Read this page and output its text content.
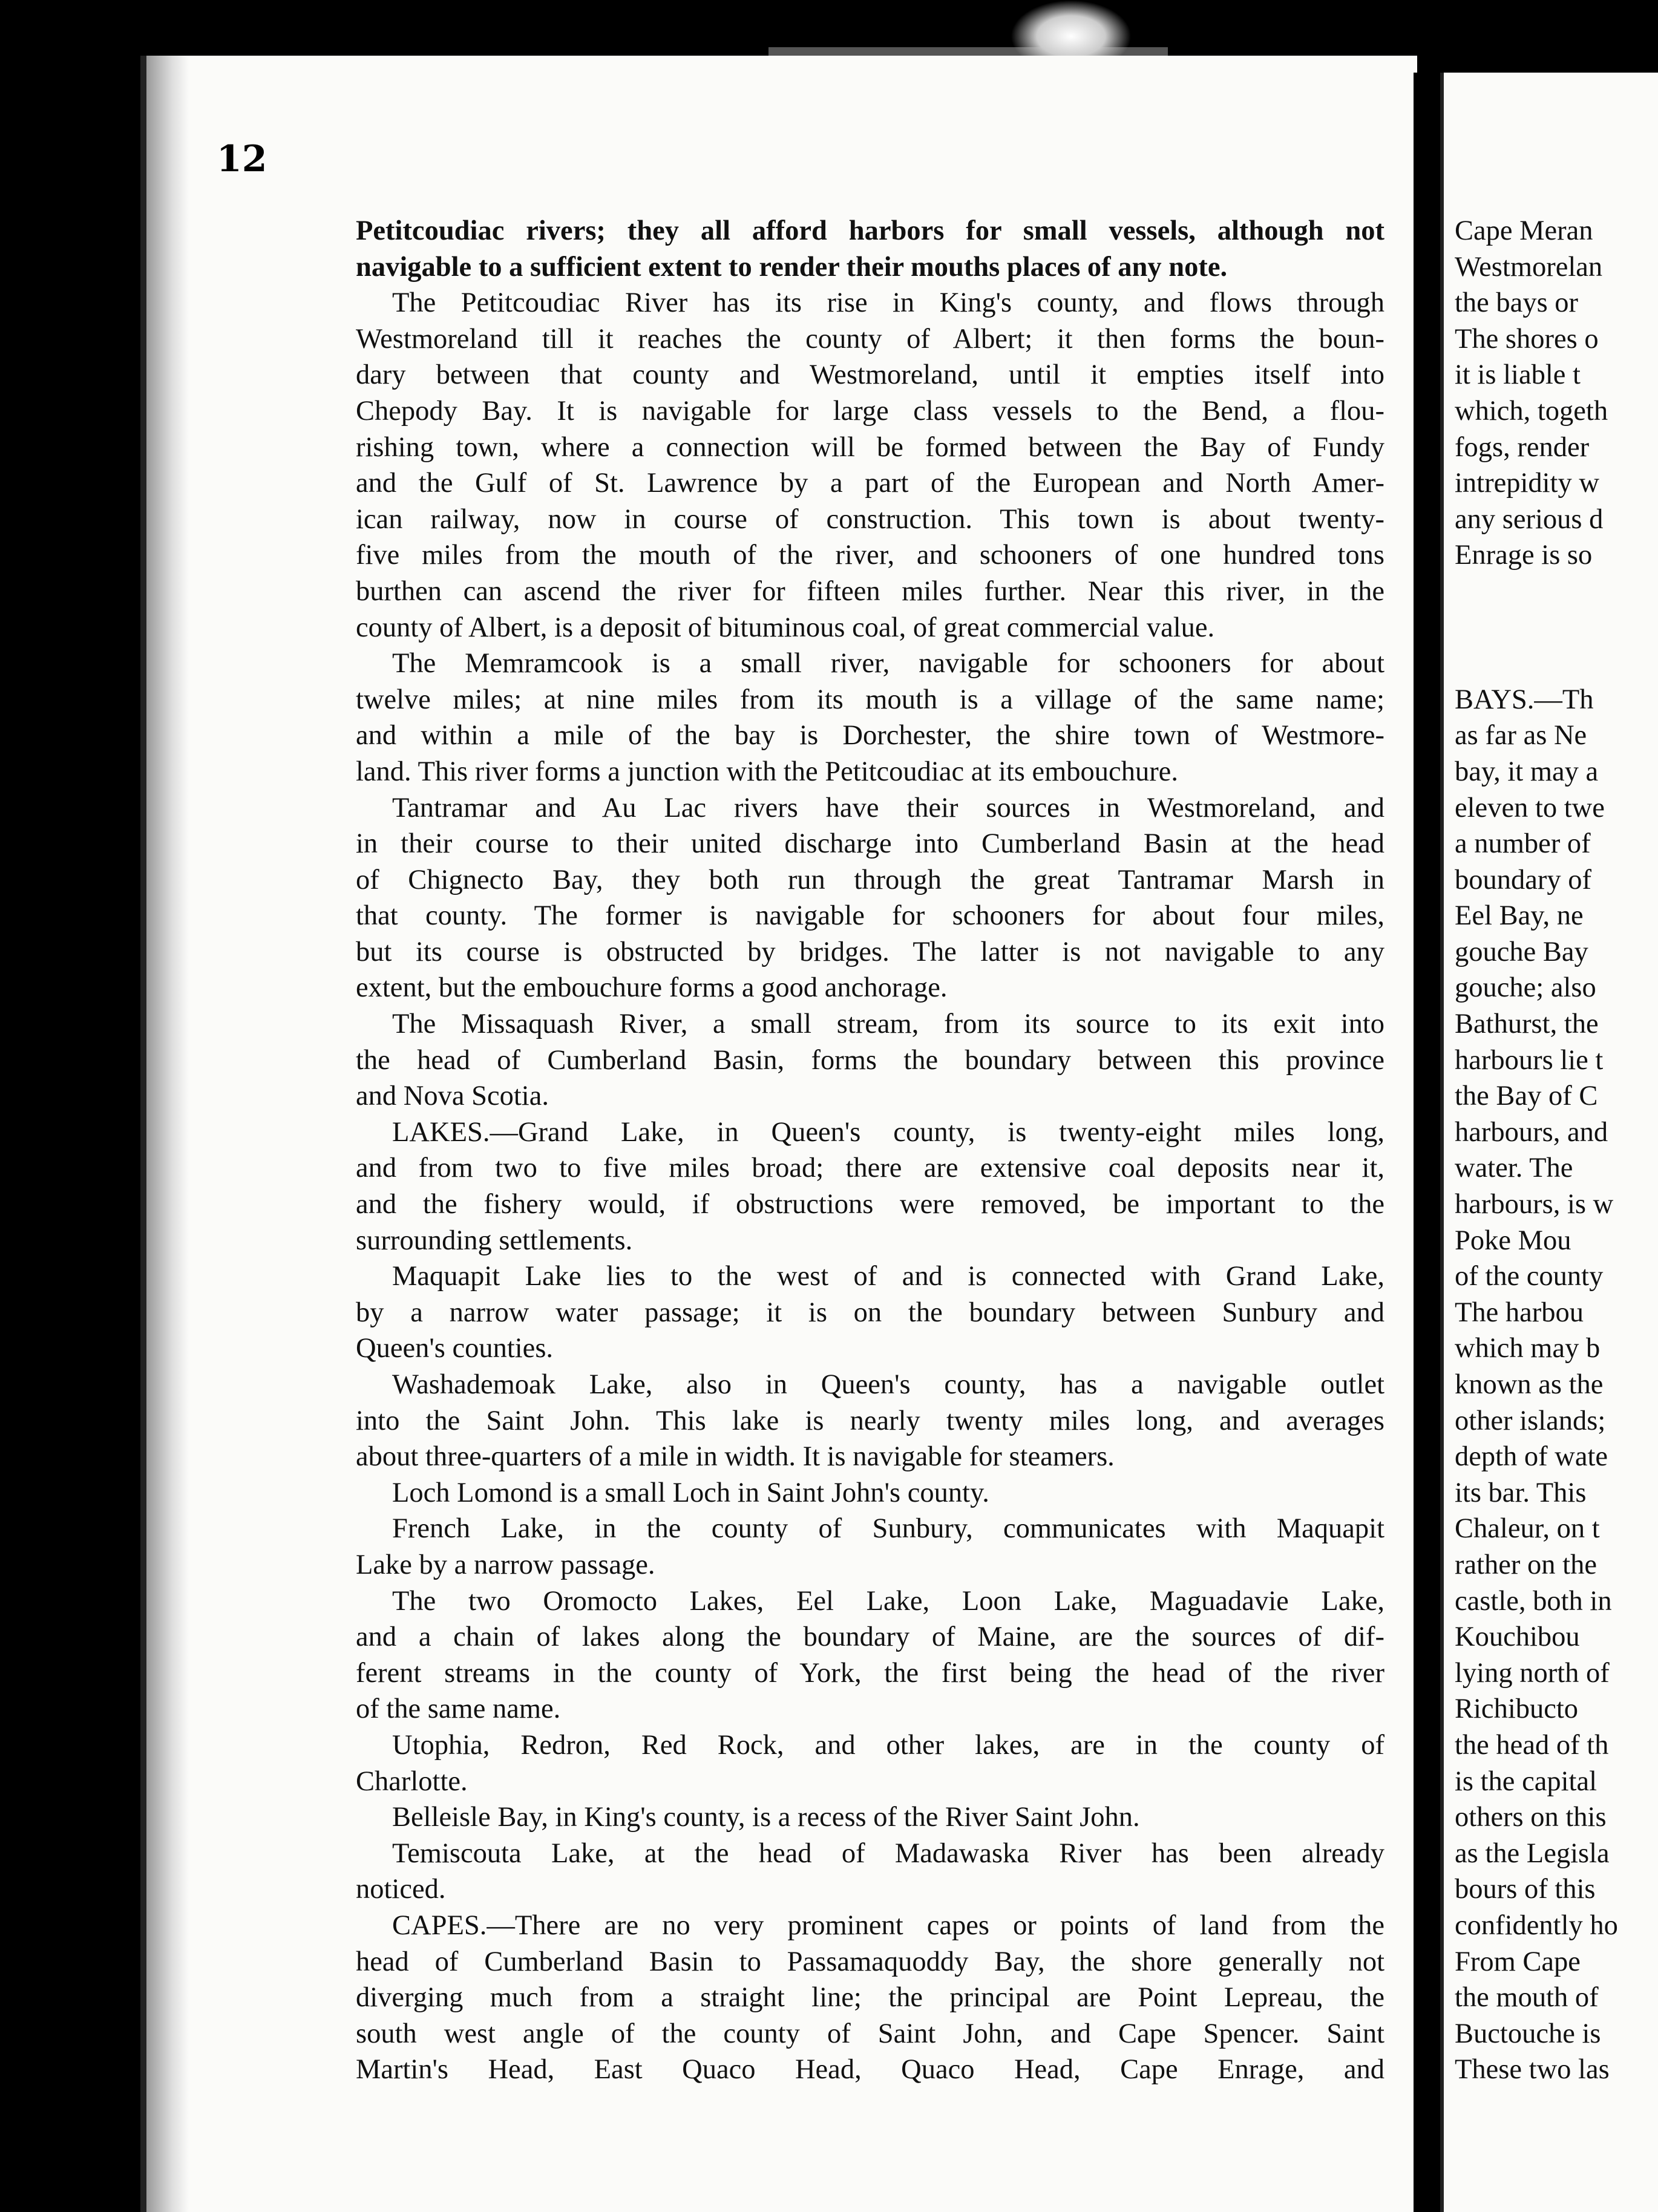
12
Petitcoudiac rivers; they all afford harbors for small vessels, although not
navigable to a sufficient extent to render their mouths places of any note.
The Petitcoudiac River has its rise in King's county, and flows through
Westmoreland till it reaches the county of Albert; it then forms the boun-
dary between that county and Westmoreland, until it empties itself into
Chepody Bay. It is navigable for large class vessels to the Bend, a flou-
rishing town, where a connection will be formed between the Bay of Fundy
and the Gulf of St. Lawrence by a part of the European and North Amer-
ican railway, now in course of construction. This town is about twenty-
five miles from the mouth of the river, and schooners of one hundred tons
burthen can ascend the river for fifteen miles further. Near this river, in the
county of Albert, is a deposit of bituminous coal, of great commercial value.
The Memramcook is a small river, navigable for schooners for about
twelve miles; at nine miles from its mouth is a village of the same name;
and within a mile of the bay is Dorchester, the shire town of Westmore-
land. This river forms a junction with the Petitcoudiac at its embouchure.
Tantramar and Au Lac rivers have their sources in Westmoreland, and
in their course to their united discharge into Cumberland Basin at the head
of Chignecto Bay, they both run through the great Tantramar Marsh in
that county. The former is navigable for schooners for about four miles,
but its course is obstructed by bridges. The latter is not navigable to any
extent, but the embouchure forms a good anchorage.
The Missaquash River, a small stream, from its source to its exit into
the head of Cumberland Basin, forms the boundary between this province
and Nova Scotia.
LAKES.—Grand Lake, in Queen's county, is twenty-eight miles long,
and from two to five miles broad; there are extensive coal deposits near it,
and the fishery would, if obstructions were removed, be important to the
surrounding settlements.
Maquapit Lake lies to the west of and is connected with Grand Lake,
by a narrow water passage; it is on the boundary between Sunbury and
Queen's counties.
Washademoak Lake, also in Queen's county, has a navigable outlet
into the Saint John. This lake is nearly twenty miles long, and averages
about three-quarters of a mile in width. It is navigable for steamers.
Loch Lomond is a small Loch in Saint John's county.
French Lake, in the county of Sunbury, communicates with Maquapit
Lake by a narrow passage.
The two Oromocto Lakes, Eel Lake, Loon Lake, Maguadavie Lake,
and a chain of lakes along the boundary of Maine, are the sources of dif-
ferent streams in the county of York, the first being the head of the river
of the same name.
Utophia, Redron, Red Rock, and other lakes, are in the county of
Charlotte.
Belleisle Bay, in King's county, is a recess of the River Saint John.
Temiscouta Lake, at the head of Madawaska River has been already
noticed.
CAPES.—There are no very prominent capes or points of land from the
head of Cumberland Basin to Passamaquoddy Bay, the shore generally not
diverging much from a straight line; the principal are Point Lepreau, the
south west angle of the county of Saint John, and Cape Spencer. Saint
Martin's Head, East Quaco Head, Quaco Head, Cape Enrage, and
Cape Meran
Westmorelan
the bays or
The shores o
it is liable t
which, togeth
fogs, render
intrepidity w
any serious d
Enrage is so
BAYS.—Th
as far as Ne
bay, it may a
eleven to twe
a number of
boundary of
Eel Bay, ne
gouche Bay
gouche; also
Bathurst, the
harbours lie t
the Bay of C
harbours, and
water. The
harbours, is w
Poke Mou
of the county
The harbou
which may b
known as the
other islands;
depth of wate
its bar. This
Chaleur, on t
rather on the
castle, both in
Kouchibou
lying north of
Richibucto
the head of th
is the capital
others on this
as the Legisla
bours of this
confidently ho
From Cape
the mouth of
Buctouche is
These two las
